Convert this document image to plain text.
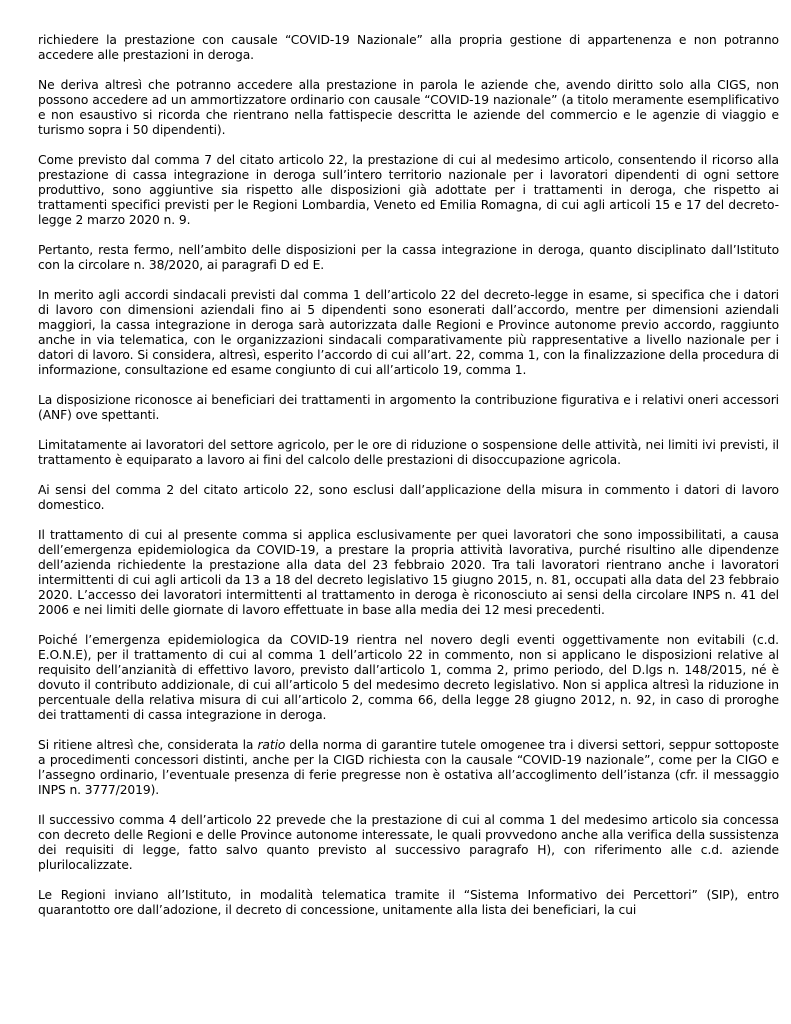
richiedere la prestazione con causale “COVID-19 Nazionale” alla propria gestione di appartenenza e non potranno accedere alle prestazioni in deroga.

Ne deriva altresì che potranno accedere alla prestazione in parola le aziende che, avendo diritto solo alla CIGS, non possono accedere ad un ammortizzatore ordinario con causale “COVID-19 nazionale” (a titolo meramente esemplificativo e non esaustivo si ricorda che rientrano nella fattispecie descritta le aziende del commercio e le agenzie di viaggio e turismo sopra i 50 dipendenti).

Come previsto dal comma 7 del citato articolo 22, la prestazione di cui al medesimo articolo, consentendo il ricorso alla prestazione di cassa integrazione in deroga sull’intero territorio nazionale per i lavoratori dipendenti di ogni settore produttivo, sono aggiuntive sia rispetto alle disposizioni già adottate per i trattamenti in deroga, che rispetto ai trattamenti specifici previsti per le Regioni Lombardia, Veneto ed Emilia Romagna, di cui agli articoli 15 e 17 del decreto-legge 2 marzo 2020 n. 9.

Pertanto, resta fermo, nell’ambito delle disposizioni per la cassa integrazione in deroga, quanto disciplinato dall’Istituto con la circolare n. 38/2020, ai paragrafi D ed E.

In merito agli accordi sindacali previsti dal comma 1 dell’articolo 22 del decreto-legge in esame, si specifica che i datori di lavoro con dimensioni aziendali fino ai 5 dipendenti sono esonerati dall’accordo, mentre per dimensioni aziendali maggiori, la cassa integrazione in deroga sarà autorizzata dalle Regioni e Province autonome previo accordo, raggiunto anche in via telematica, con le organizzazioni sindacali comparativamente più rappresentative a livello nazionale per i datori di lavoro. Si considera, altresì, esperito l’accordo di cui all’art. 22, comma 1, con la finalizzazione della procedura di informazione, consultazione ed esame congiunto di cui all’articolo 19, comma 1.

La disposizione riconosce ai beneficiari dei trattamenti in argomento la contribuzione figurativa e i relativi oneri accessori (ANF) ove spettanti.

Limitatamente ai lavoratori del settore agricolo, per le ore di riduzione o sospensione delle attività, nei limiti ivi previsti, il trattamento è equiparato a lavoro ai fini del calcolo delle prestazioni di disoccupazione agricola.

Ai sensi del comma 2 del citato articolo 22, sono esclusi dall’applicazione della misura in commento i datori di lavoro domestico.

Il trattamento di cui al presente comma si applica esclusivamente per quei lavoratori che sono impossibilitati, a causa dell’emergenza epidemiologica da COVID-19, a prestare la propria attività lavorativa, purché risultino alle dipendenze dell’azienda richiedente la prestazione alla data del 23 febbraio 2020. Tra tali lavoratori rientrano anche i lavoratori intermittenti di cui agli articoli da 13 a 18 del decreto legislativo 15 giugno 2015, n. 81, occupati alla data del 23 febbraio 2020. L’accesso dei lavoratori intermittenti al trattamento in deroga è riconosciuto ai sensi della circolare INPS n. 41 del 2006 e nei limiti delle giornate di lavoro effettuate in base alla media dei 12 mesi precedenti.

Poiché l’emergenza epidemiologica da COVID-19 rientra nel novero degli eventi oggettivamente non evitabili (c.d. E.O.N.E), per il trattamento di cui al comma 1 dell’articolo 22 in commento, non si applicano le disposizioni relative al requisito dell’anzianità di effettivo lavoro, previsto dall’articolo 1, comma 2, primo periodo, del D.lgs n. 148/2015, né è dovuto il contributo addizionale, di cui all’articolo 5 del medesimo decreto legislativo. Non si applica altresì la riduzione in percentuale della relativa misura di cui all’articolo 2, comma 66, della legge 28 giugno 2012, n. 92, in caso di proroghe dei trattamenti di cassa integrazione in deroga.

Si ritiene altresì che, considerata la ratio della norma di garantire tutele omogenee tra i diversi settori, seppur sottoposte a procedimenti concessori distinti, anche per la CIGD richiesta con la causale “COVID-19 nazionale”, come per la CIGO e l’assegno ordinario, l’eventuale presenza di ferie pregresse non è ostativa all’accoglimento dell’istanza (cfr. il messaggio INPS n. 3777/2019).

Il successivo comma 4 dell’articolo 22 prevede che la prestazione di cui al comma 1 del medesimo articolo sia concessa con decreto delle Regioni e delle Province autonome interessate, le quali provvedono anche alla verifica della sussistenza dei requisiti di legge, fatto salvo quanto previsto al successivo paragrafo H), con riferimento alle c.d. aziende plurilocalizzate.

Le Regioni inviano all’Istituto, in modalità telematica tramite il “Sistema Informativo dei Percettori” (SIP), entro quarantotto ore dall’adozione, il decreto di concessione, unitamente alla lista dei beneficiari, la cui
